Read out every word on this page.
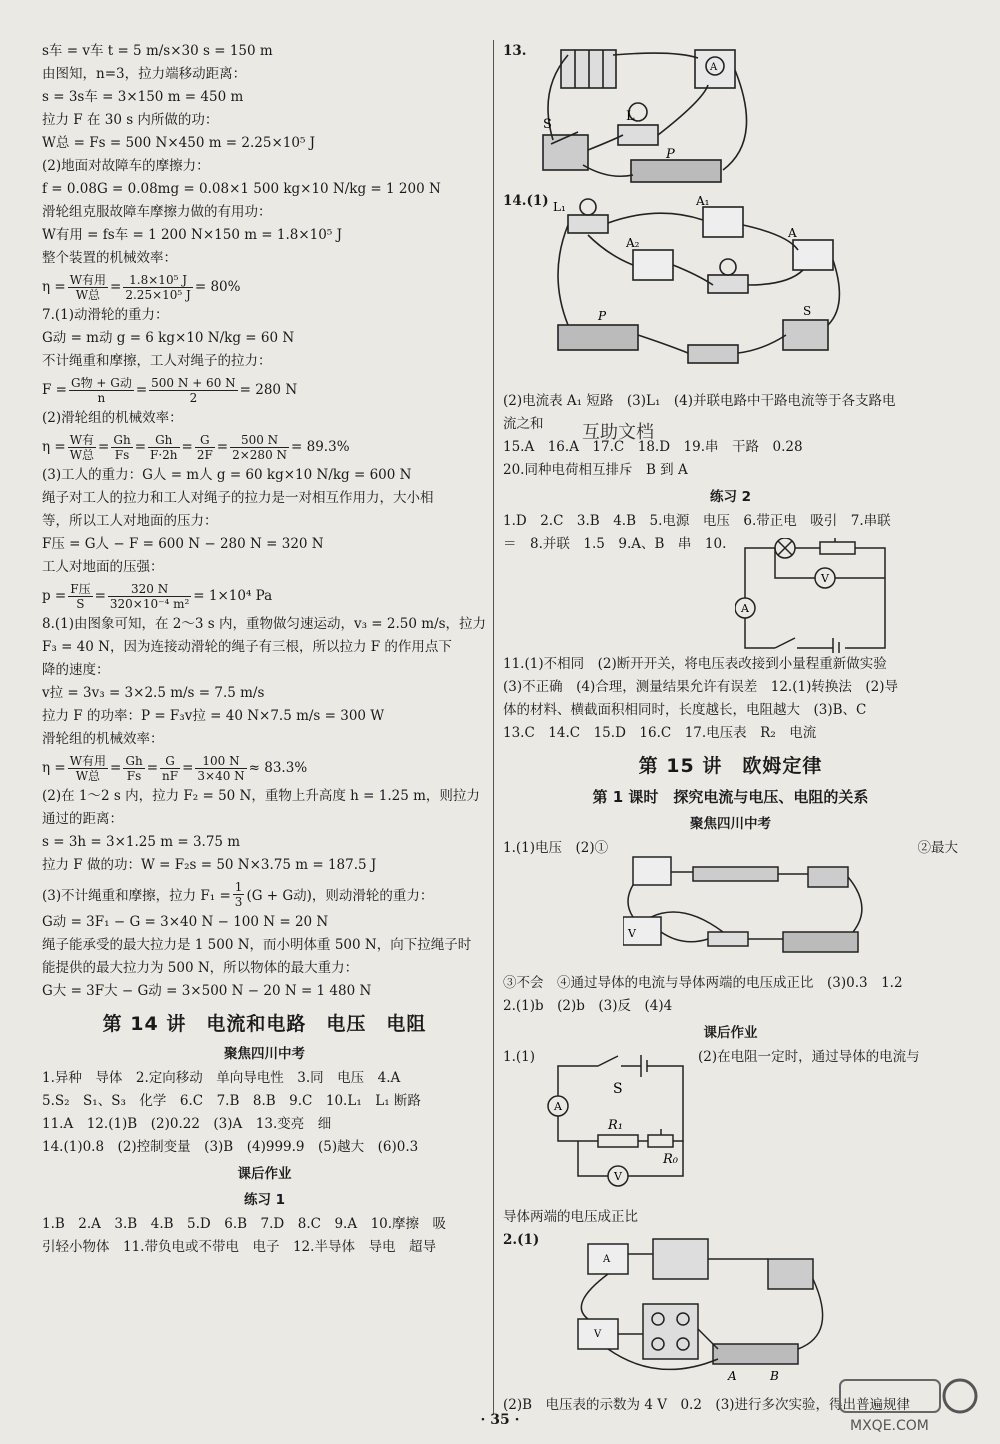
s车 = v车 t = 5 m/s×30 s = 150 m
由图知，n=3，拉力端移动距离：
s = 3s车 = 3×150 m = 450 m
拉力 F 在 30 s 内所做的功：
W总 = Fs = 500 N×450 m = 2.25×10⁵ J
(2)地面对故障车的摩擦力：
f = 0.08G = 0.08mg = 0.08×1 500 kg×10 N/kg = 1 200 N
滑轮组克服故障车摩擦力做的有用功：
W有用 = fs车 = 1 200 N×150 m = 1.8×10⁵ J
整个装置的机械效率：
$\eta = \frac{\text{W有用}}{\text{W总}} = \frac{\text{1.8×10⁵ J}}{\text{2.25×10⁵ J}} = 80\%$
7.(1)动滑轮的重力：
G动 = m动 g = 6 kg×10 N/kg = 60 N
不计绳重和摩擦，工人对绳子的拉力：
$F = \frac{\text{G物 + G动}}{n} = \frac{500 N + 60 N}{2} = 280$ N
(2)滑轮组的机械效率：
$\eta = \frac{\text{W有}}{\text{W总}} = \frac{Gh}{Fs} = \frac{Gh}{F\cdot 2h} = \frac{G}{2F} = \frac{500 N}{2\times 280 N} = 89.3\%$
(3)工人的重力：G人 = m人 g = 60 kg×10 N/kg = 600 N
绳子对工人的拉力和工人对绳子的拉力是一对相互作用力，大小相
等，所以工人对地面的压力：
F压 = G人 − F = 600 N − 280 N = 320 N
工人对地面的压强：
$p = \frac{\text{F压}}{S} = \frac{320 N}{\text{320×10⁻⁴ m²}} = 1\times 10^4$ Pa
8.(1)由图象可知，在 2～3 s 内，重物做匀速运动，v₃ = 2.50 m/s，拉力
F₃ = 40 N，因为连接动滑轮的绳子有三根，所以拉力 F 的作用点下
降的速度：
v拉 = 3v₃ = 3×2.5 m/s = 7.5 m/s
拉力 F 的功率：P = F₃v拉 = 40 N×7.5 m/s = 300 W
滑轮组的机械效率：
$\eta = \frac{\text{W有用}}{\text{W总}} = \frac{Gh}{Fs} = \frac{G}{nF} = \frac{100 N}{3\times 40 N} \approx 83.3\%$
(2)在 1～2 s 内，拉力 F₂ = 50 N，重物上升高度 h = 1.25 m，则拉力
通过的距离：
s = 3h = 3×1.25 m = 3.75 m
拉力 F 做的功：W = F₂s = 50 N×3.75 m = 187.5 J
(3)不计绳重和摩擦，拉力 $F_1 = \frac{1}{3} (G + G$动)，则动滑轮的重力：
G动 = 3F₁ − G = 3×40 N − 100 N = 20 N
绳子能承受的最大拉力是 1 500 N，而小明体重 500 N，向下拉绳子时
能提供的最大拉力为 500 N，所以物体的最大重力：
G大 = 3F大 − G动 = 3×500 N − 20 N = 1 480 N
第 14 讲　电流和电路　电压　电阻
聚焦四川中考
1.异种　导体　2.定向移动　单向导电性　3.同　电压　4.A
5.S₂　S₁、S₃　化学　6.C　7.B　8.B　9.C　10.L₁　L₁ 断路
11.A　12.(1)B　(2)0.22　(3)A　13.变亮　细
14.(1)0.8　(2)控制变量　(3)B　(4)999.9　(5)越大　(6)0.3
课后作业
练习 1
1.B　2.A　3.B　4.B　5.D　6.B　7.D　8.C　9.A　10.摩擦　吸
引轻小物体　11.带负电或不带电　电子　12.半导体　导电　超导
13.
S
L
P
A
14.(1) L₁	A₁
A₂
A
S
P
(2)电流表 A₁ 短路　(3)L₁　(4)并联电路中干路电流等于各支路电
流之和
15.A　16.A　17.C　18.D　19.串　干路　0.28
20.同种电荷相互排斥　B 到 A
练习 2
1.D　2.C　3.B　4.B　5.电源　电压　6.带正电　吸引　7.串联
＝　8.并联　1.5　9.A、B　串　10.
V
A
11.(1)不相同　(2)断开开关，将电压表改接到小量程重新做实验
(3)不正确　(4)合理，测量结果允许有误差　12.(1)转换法　(2)导
体的材料、横截面积相同时，长度越长，电阻越大　(3)B、C
13.C　14.C　15.D　16.C　17.电压表　R₂　电流
第 15 讲　欧姆定律
第 1 课时　探究电流与电压、电阻的关系
聚焦四川中考
1.(1)电压　(2)①	②最大
V
③不会　④通过导体的电流与导体两端的电压成正比　(3)0.3　1.2
2.(1)b　(2)b　(3)反　(4)4
课后作业
1.(1)	(2)在电阻一定时，通过导体的电流与
S
A
R₁
R₀
V
导体两端的电压成正比
2.(1)
A
V
A	B
(2)B　电压表的示数为 4 V　0.2　(3)进行多次实验，得出普遍规律
互助文档
· 35 ·	MXQE.COM
